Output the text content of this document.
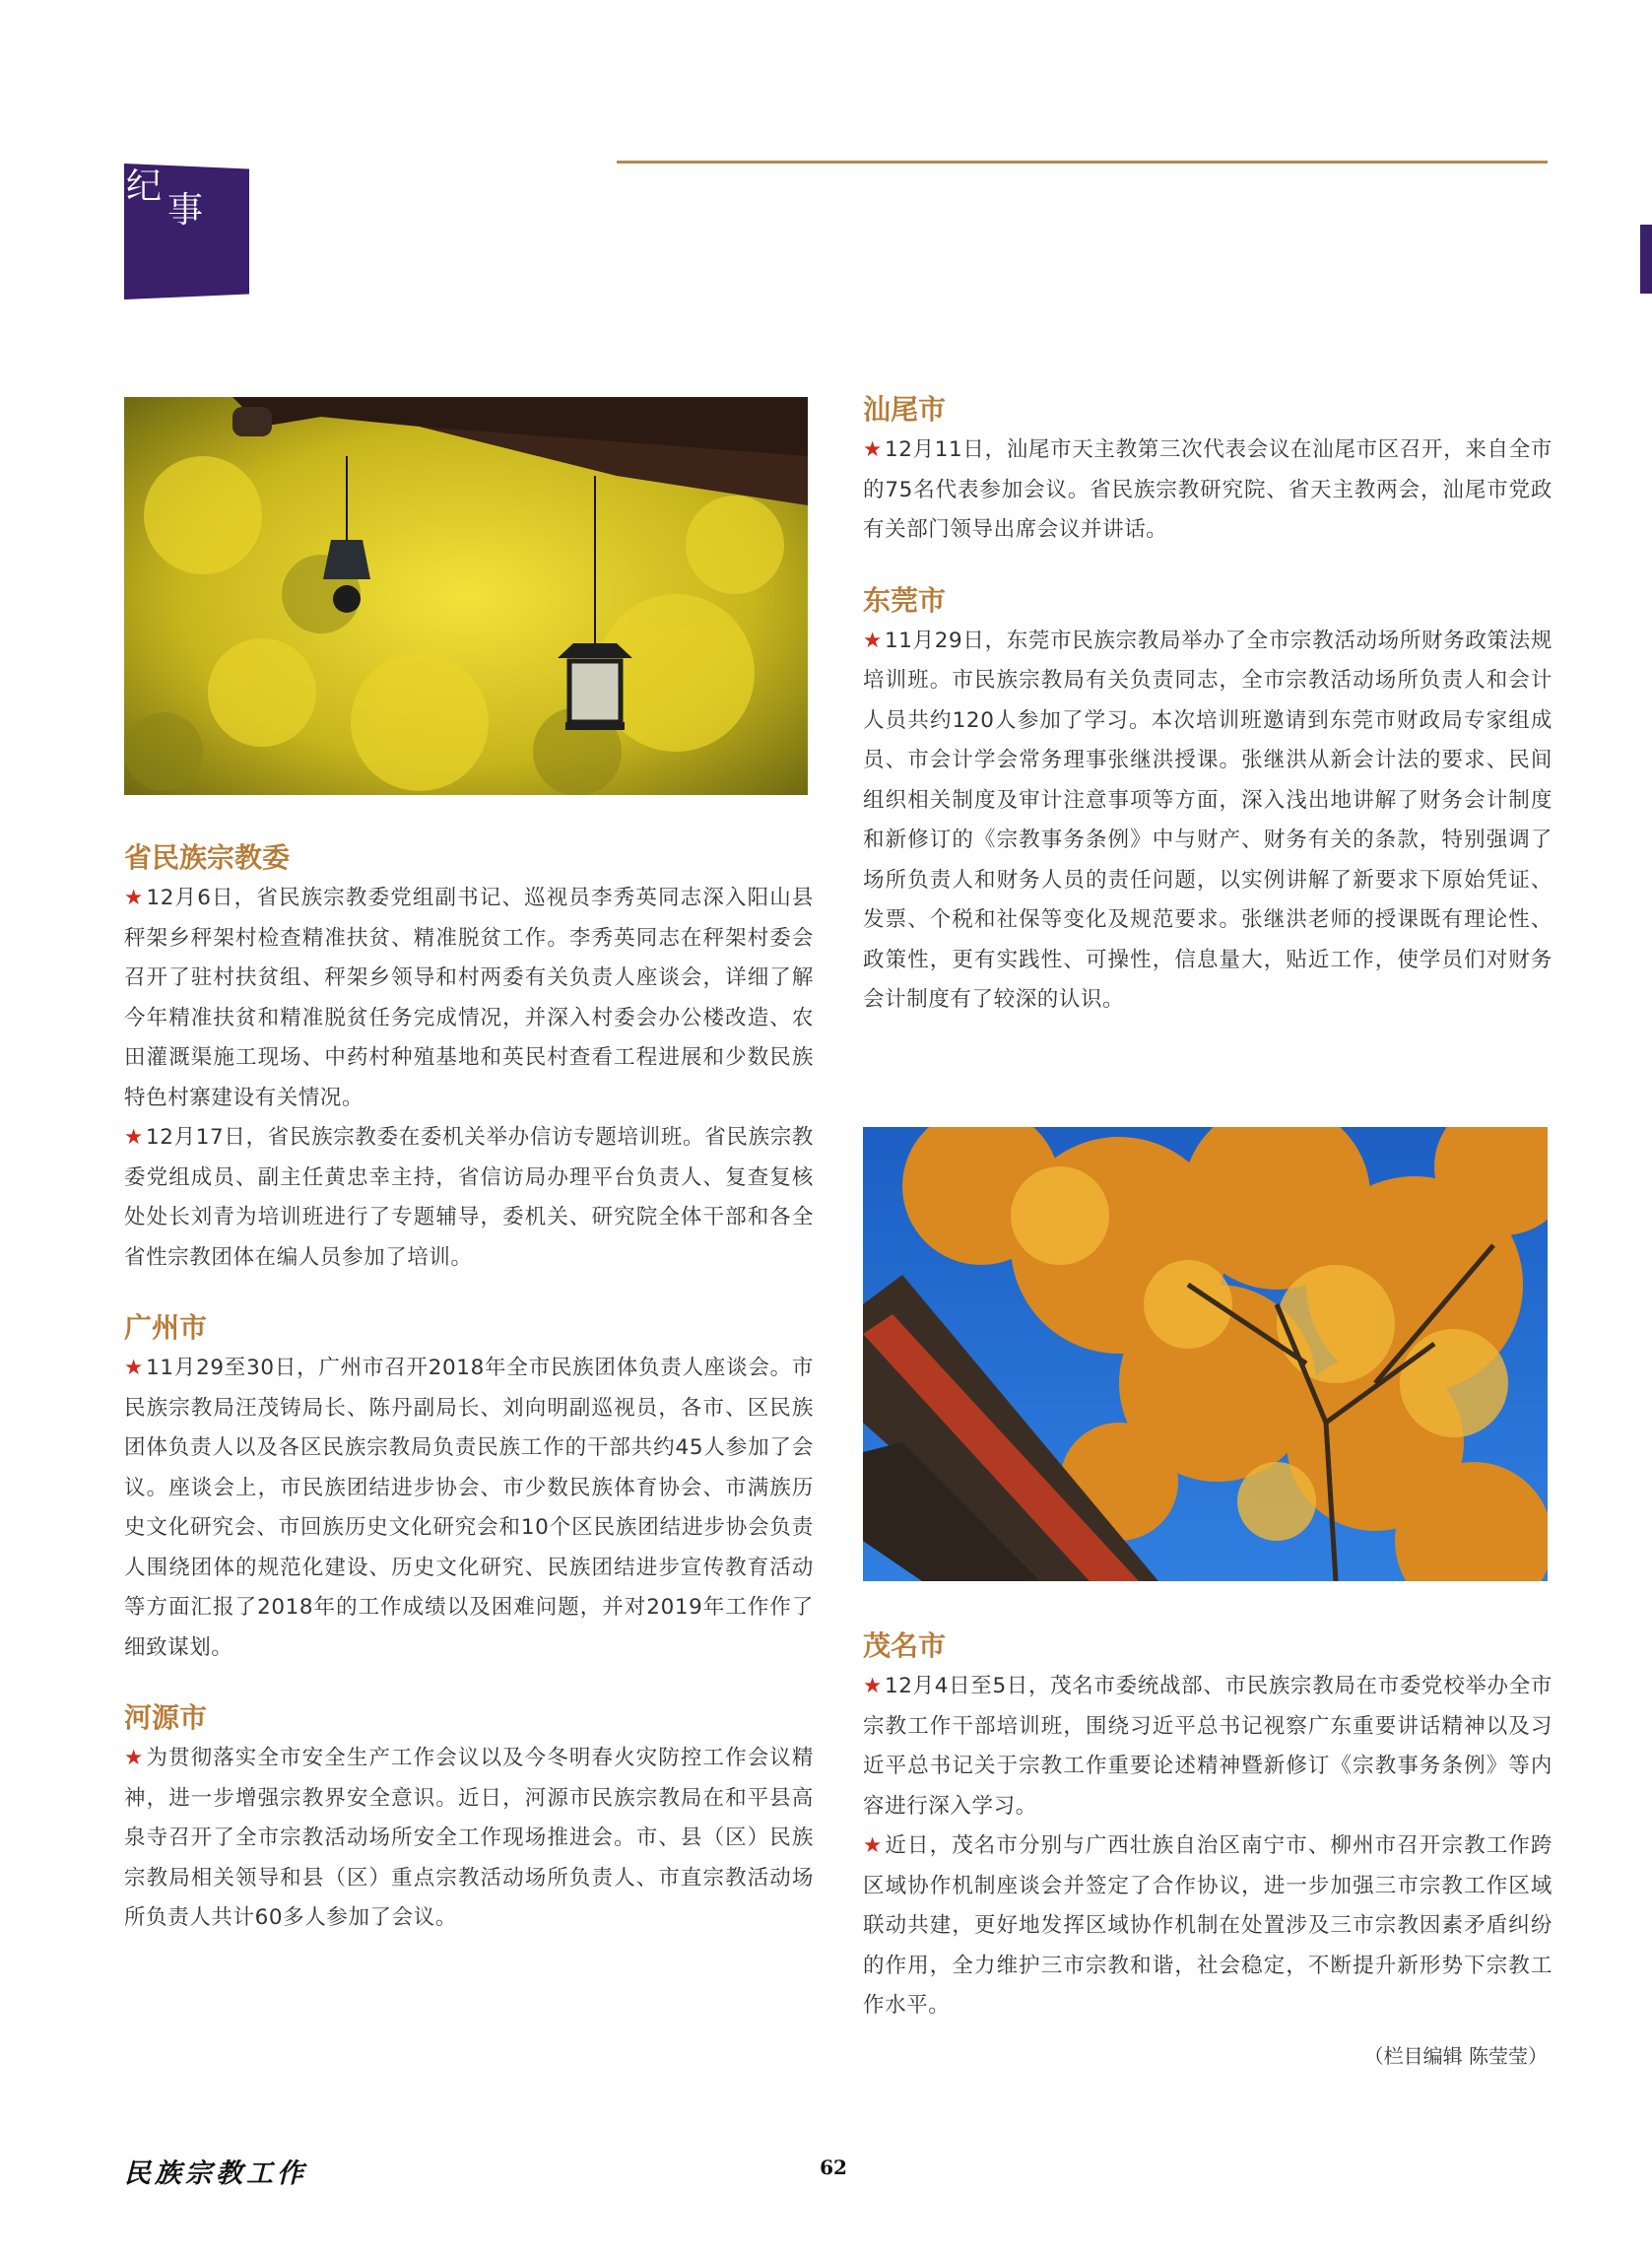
纪
事
省民族宗教委

★12月6日，省民族宗教委党组副书记、巡视员李秀英同志深入阳山县秤架乡秤架村检查精准扶贫、精准脱贫工作。李秀英同志在秤架村委会召开了驻村扶贫组、秤架乡领导和村两委有关负责人座谈会，详细了解今年精准扶贫和精准脱贫任务完成情况，并深入村委会办公楼改造、农田灌溉渠施工现场、中药村种殖基地和英民村查看工程进展和少数民族特色村寨建设有关情况。

★12月17日，省民族宗教委在委机关举办信访专题培训班。省民族宗教委党组成员、副主任黄忠幸主持，省信访局办理平台负责人、复查复核处处长刘青为培训班进行了专题辅导，委机关、研究院全体干部和各全省性宗教团体在编人员参加了培训。

广州市

★11月29至30日，广州市召开2018年全市民族团体负责人座谈会。市民族宗教局汪茂铸局长、陈丹副局长、刘向明副巡视员，各市、区民族团体负责人以及各区民族宗教局负责民族工作的干部共约45人参加了会议。座谈会上，市民族团结进步协会、市少数民族体育协会、市满族历史文化研究会、市回族历史文化研究会和10个区民族团结进步协会负责人围绕团体的规范化建设、历史文化研究、民族团结进步宣传教育活动等方面汇报了2018年的工作成绩以及困难问题，并对2019年工作作了细致谋划。

河源市

★为贯彻落实全市安全生产工作会议以及今冬明春火灾防控工作会议精神，进一步增强宗教界安全意识。近日，河源市民族宗教局在和平县高泉寺召开了全市宗教活动场所安全工作现场推进会。市、县（区）民族宗教局相关领导和县（区）重点宗教活动场所负责人、市直宗教活动场所负责人共计60多人参加了会议。

汕尾市

★12月11日，汕尾市天主教第三次代表会议在汕尾市区召开，来自全市的75名代表参加会议。省民族宗教研究院、省天主教两会，汕尾市党政有关部门领导出席会议并讲话。

东莞市

★11月29日，东莞市民族宗教局举办了全市宗教活动场所财务政策法规培训班。市民族宗教局有关负责同志，全市宗教活动场所负责人和会计人员共约120人参加了学习。本次培训班邀请到东莞市财政局专家组成员、市会计学会常务理事张继洪授课。张继洪从新会计法的要求、民间组织相关制度及审计注意事项等方面，深入浅出地讲解了财务会计制度和新修订的《宗教事务条例》中与财产、财务有关的条款，特别强调了场所负责人和财务人员的责任问题，以实例讲解了新要求下原始凭证、发票、个税和社保等变化及规范要求。张继洪老师的授课既有理论性、政策性，更有实践性、可操性，信息量大，贴近工作，使学员们对财务会计制度有了较深的认识。

茂名市

★12月4日至5日，茂名市委统战部、市民族宗教局在市委党校举办全市宗教工作干部培训班，围绕习近平总书记视察广东重要讲话精神以及习近平总书记关于宗教工作重要论述精神暨新修订《宗教事务条例》等内容进行深入学习。

★近日，茂名市分别与广西壮族自治区南宁市、柳州市召开宗教工作跨区域协作机制座谈会并签定了合作协议，进一步加强三市宗教工作区域联动共建，更好地发挥区域协作机制在处置涉及三市宗教因素矛盾纠纷的作用，全力维护三市宗教和谐，社会稳定，不断提升新形势下宗教工作水平。

（栏目编辑 陈莹莹）
民族宗教工作	62
